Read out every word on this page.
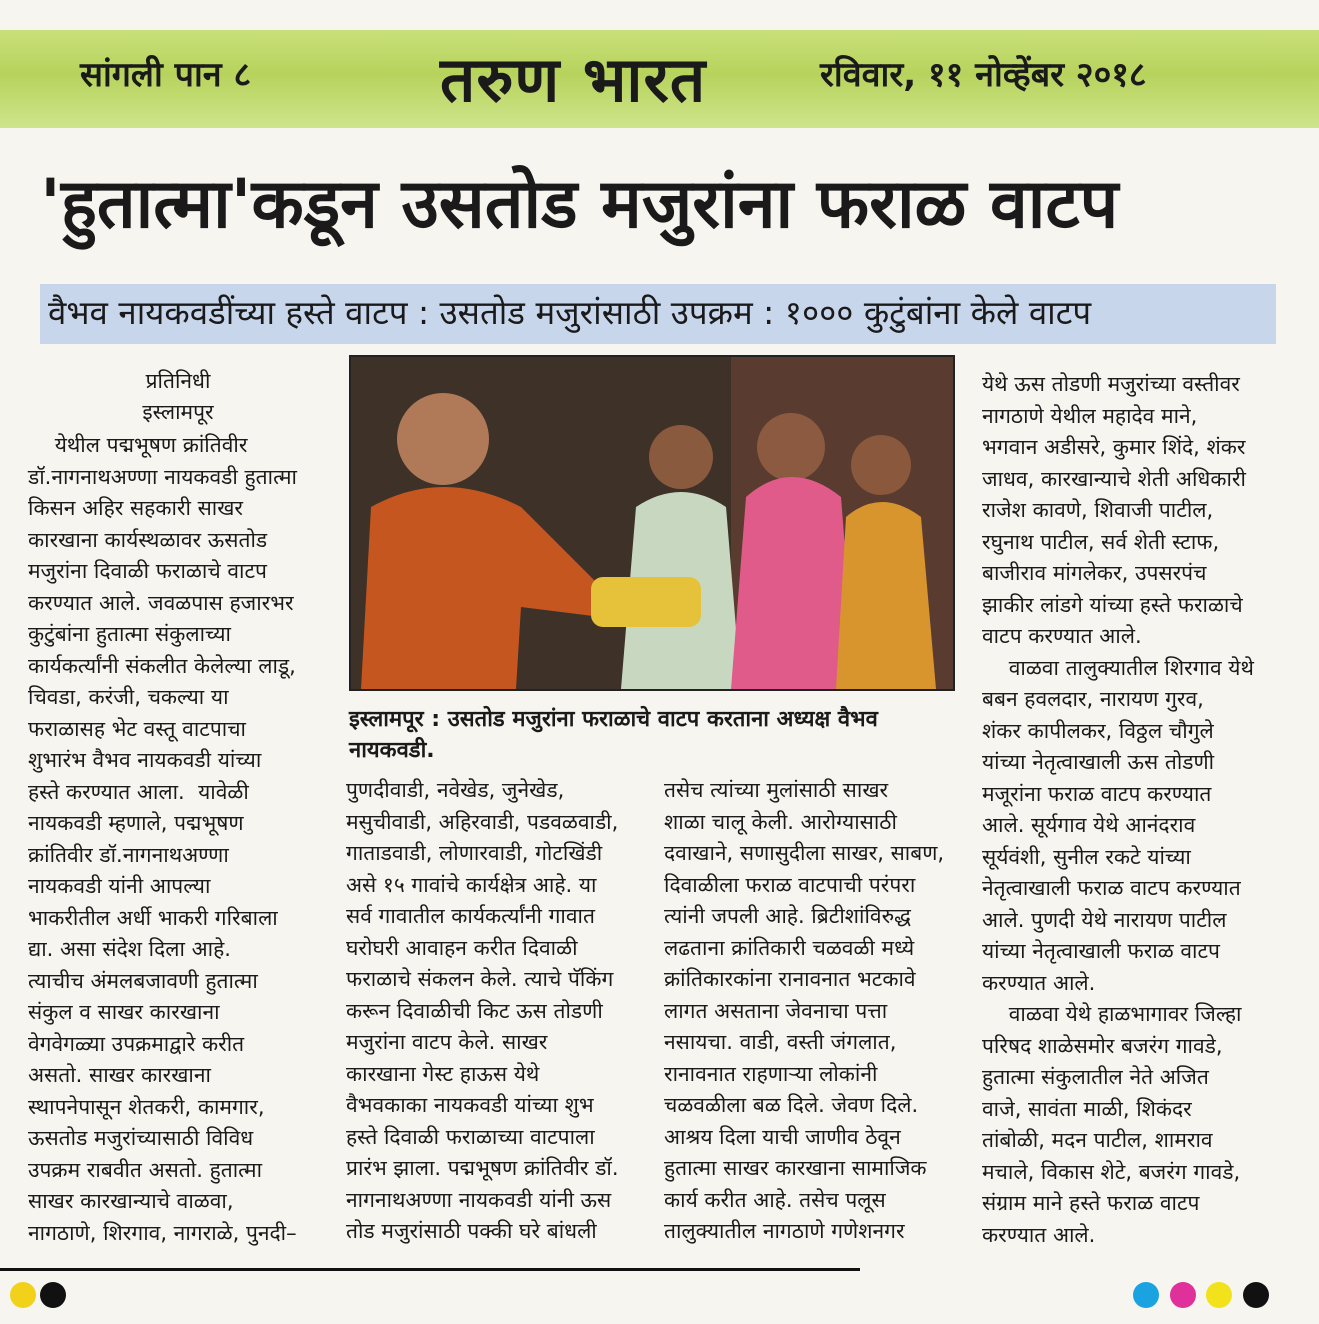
सांगली पान ८	तरुण भारत	रविवार, ११ नोव्हेंबर २०१८
'हुतात्मा'कडून उसतोड मजुरांना फराळ वाटप
वैभव नायकवडींच्या हस्ते वाटप : उसतोड मजुरांसाठी उपक्रम : १००० कुटुंबांना केले वाटप
प्रतिनिधी
इस्लामपूर

येथील पद्मभूषण क्रांतिवीर

डॉ.नागनाथअण्णा नायकवडी हुतात्मा

किसन अहिर सहकारी साखर

कारखाना कार्यस्थळावर ऊसतोड

मजुरांना दिवाळी फराळाचे वाटप

करण्यात आले. जवळपास हजारभर

कुटुंबांना हुतात्मा संकुलाच्या

कार्यकर्त्यांनी संकलीत केलेल्या लाडू,

चिवडा, करंजी, चकल्या या

फराळासह भेट वस्तू वाटपाचा

शुभारंभ वैभव नायकवडी यांच्या

हस्ते करण्यात आला.  यावेळी

नायकवडी म्हणाले, पद्मभूषण

क्रांतिवीर डॉ.नागनाथअण्णा

नायकवडी यांनी आपल्या

भाकरीतील अर्धी भाकरी गरिबाला

द्या. असा संदेश दिला आहे.

त्याचीच अंमलबजावणी हुतात्मा

संकुल व साखर कारखाना

वेगवेगळ्या उपक्रमाद्वारे करीत

असतो. साखर कारखाना

स्थापनेपासून शेतकरी, कामगार,

ऊसतोड मजुरांच्यासाठी विविध

उपक्रम राबवीत असतो. हुतात्मा

साखर कारखान्याचे वाळवा,

नागठाणे, शिरगाव, नागराळे, पुनदी–

इस्लामपूर : उसतोड मजुरांना फराळाचे वाटप करताना अध्यक्ष वैभव
नायकवडी.

पुणदीवाडी, नवेखेड, जुनेखेड,

मसुचीवाडी, अहिरवाडी, पडवळवाडी,

गाताडवाडी, लोणारवाडी, गोटखिंडी

असे १५ गावांचे कार्यक्षेत्र आहे. या

सर्व गावातील कार्यकर्त्यांनी गावात

घरोघरी आवाहन करीत दिवाळी

फराळाचे संकलन केले. त्याचे पॅकिंग

करून दिवाळीची किट ऊस तोडणी

मजुरांना वाटप केले. साखर

कारखाना गेस्ट हाऊस येथे

वैभवकाका नायकवडी यांच्या शुभ

हस्ते दिवाळी फराळाच्या वाटपाला

प्रारंभ झाला. पद्मभूषण क्रांतिवीर डॉ.

नागनाथअण्णा नायकवडी यांनी ऊस

तोड मजुरांसाठी पक्की घरे बांधली

तसेच त्यांच्या मुलांसाठी साखर

शाळा चालू केली. आरोग्यासाठी

दवाखाने, सणासुदीला साखर, साबण,

दिवाळीला फराळ वाटपाची परंपरा

त्यांनी जपली आहे. ब्रिटीशांविरुद्ध

लढताना क्रांतिकारी चळवळी मध्ये

क्रांतिकारकांना रानावनात भटकावे

लागत असताना जेवनाचा पत्ता

नसायचा. वाडी, वस्ती जंगलात,

रानावनात राहणाऱ्या लोकांनी

चळवळीला बळ दिले. जेवण दिले.

आश्रय दिला याची जाणीव ठेवून

हुतात्मा साखर कारखाना सामाजिक

कार्य करीत आहे. तसेच पलूस

तालुक्यातील नागठाणे गणेशनगर

येथे ऊस तोडणी मजुरांच्या वस्तीवर

नागठाणे येथील महादेव माने,

भगवान अडीसरे, कुमार शिंदे, शंकर

जाधव, कारखान्याचे शेती अधिकारी

राजेश कावणे, शिवाजी पाटील,

रघुनाथ पाटील, सर्व शेती स्टाफ,

बाजीराव मांगलेकर, उपसरपंच

झाकीर लांडगे यांच्या हस्ते फराळाचे

वाटप करण्यात आले.

वाळवा तालुक्यातील शिरगाव येथे

बबन हवलदार, नारायण गुरव,

शंकर कापीलकर, विठ्ठल चौगुले

यांच्या नेतृत्वाखाली ऊस तोडणी

मजूरांना फराळ वाटप करण्यात

आले. सूर्यगाव येथे आनंदराव

सूर्यवंशी, सुनील रकटे यांच्या

नेतृत्वाखाली फराळ वाटप करण्यात

आले. पुणदी येथे नारायण पाटील

यांच्या नेतृत्वाखाली फराळ वाटप

करण्यात आले.

वाळवा येथे हाळभागावर जिल्हा

परिषद शाळेसमोर बजरंग गावडे,

हुतात्मा संकुलातील नेते अजित

वाजे, सावंता माळी, शिकंदर

तांबोळी, मदन पाटील, शामराव

मचाले, विकास शेटे, बजरंग गावडे,

संग्राम माने हस्ते फराळ वाटप

करण्यात आले.
